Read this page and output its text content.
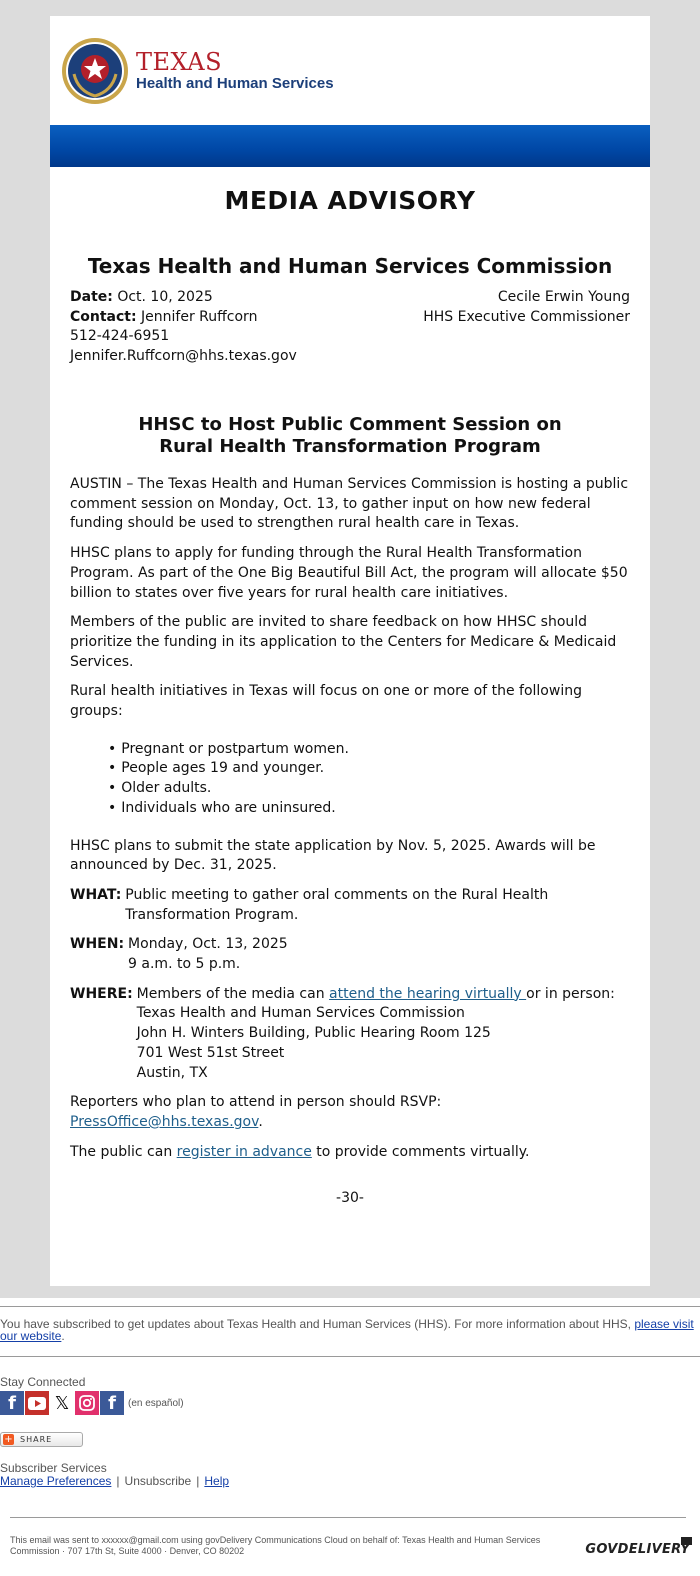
TEXAS
Health and Human Services
MEDIA ADVISORY
Texas Health and Human Services Commission
Date: Oct. 10, 2025
Contact: Jennifer Ruffcorn
512-424-6951
Jennifer.Ruffcorn@hhs.texas.gov
Cecile Erwin Young
HHS Executive Commissioner
HHSC to Host Public Comment Session on
Rural Health Transformation Program

AUSTIN – The Texas Health and Human Services Commission is hosting a public comment session on Monday, Oct. 13, to gather input on how new federal funding should be used to strengthen rural health care in Texas.

HHSC plans to apply for funding through the Rural Health Transformation Program. As part of the One Big Beautiful Bill Act, the program will allocate $50 billion to states over five years for rural health care initiatives.

Members of the public are invited to share feedback on how HHSC should prioritize the funding in its application to the Centers for Medicare & Medicaid Services.

Rural health initiatives in Texas will focus on one or more of the following groups:

• Pregnant or postpartum women.
• People ages 19 and younger.
• Older adults.
• Individuals who are uninsured.

HHSC plans to submit the state application by Nov. 5, 2025. Awards will be announced by Dec. 31, 2025.

WHAT: Public meeting to gather oral comments on the Rural Health Transformation Program.
WHEN: Monday, Oct. 13, 2025
9 a.m. to 5 p.m.
WHERE: Members of the media can attend the hearing virtually or in person:
Texas Health and Human Services Commission
John H. Winters Building, Public Hearing Room 125
701 West 51st Street
Austin, TX

Reporters who plan to attend in person should RSVP: PressOffice@hhs.texas.gov.

The public can register in advance to provide comments virtually.

-30-
You have subscribed to get updates about Texas Health and Human Services (HHS). For more information about HHS, please visit our website.
Stay Connected
f	𝕏	f	(en español)
+ SHARE
Subscriber Services
Manage Preferences | Unsubscribe | Help
This email was sent to xxxxxx@gmail.com using govDelivery Communications Cloud on behalf of: Texas Health and Human Services Commission · 707 17th St, Suite 4000 · Denver, CO 80202	GOVDELIVERY
